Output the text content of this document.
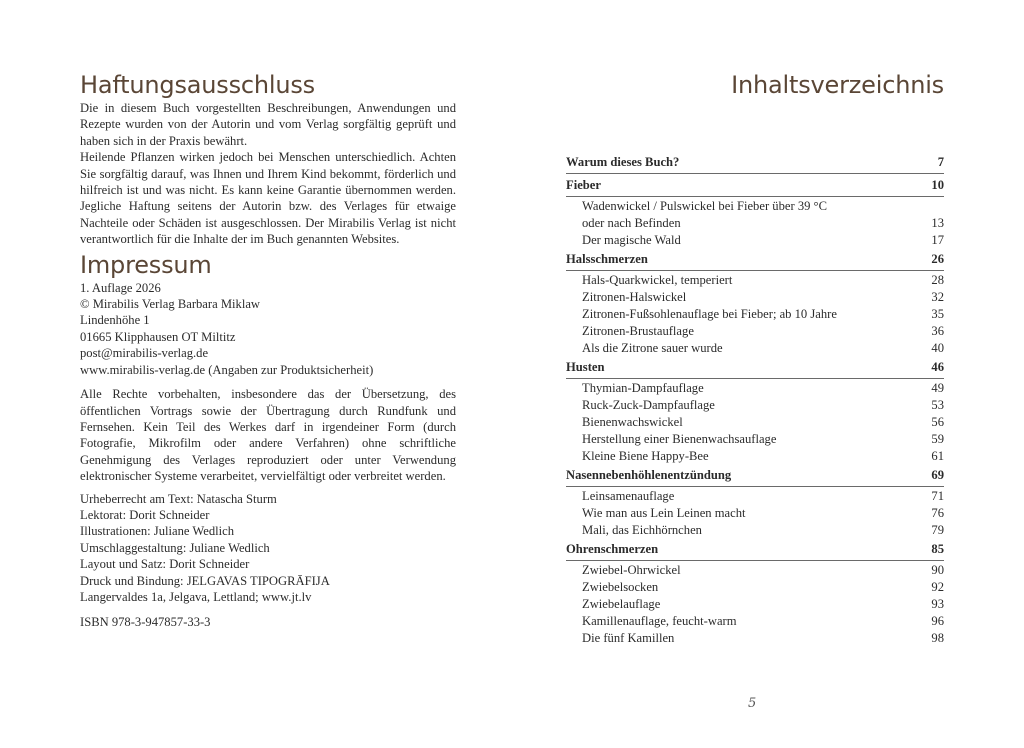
Haftungsausschluss

Die in diesem Buch vorgestellten Beschreibungen, Anwendungen und Rezepte wurden von der Autorin und vom Verlag sorgfältig geprüft und haben sich in der Praxis bewährt.

Heilende Pflanzen wirken jedoch bei Menschen unterschiedlich. Achten Sie sorgfältig darauf, was Ihnen und Ihrem Kind bekommt, förderlich und hilfreich ist und was nicht. Es kann keine Garantie übernommen werden. Jegliche Haftung seitens der Autorin bzw. des Verlages für etwaige Nachteile oder Schäden ist ausgeschlossen. Der Mirabilis Verlag ist nicht verantwortlich für die Inhalte der im Buch genannten Websites.

Impressum
1. Auflage 2026
© Mirabilis Verlag Barbara Miklaw
Lindenhöhe 1
01665 Klipphausen OT Miltitz
post@mirabilis-verlag.de
www.mirabilis-verlag.de (Angaben zur Produktsicherheit)

Alle Rechte vorbehalten, insbesondere das der Übersetzung, des öffentlichen Vortrags sowie der Übertragung durch Rundfunk und Fernsehen. Kein Teil des Werkes darf in irgendeiner Form (durch Fotografie, Mikrofilm oder andere Verfahren) ohne schriftliche Genehmigung des Verlages reproduziert oder unter Verwendung elektronischer Systeme verarbeitet, vervielfältigt oder verbreitet werden.

Urheberrecht am Text: Natascha Sturm
Lektorat: Dorit Schneider
Illustrationen: Juliane Wedlich
Umschlaggestaltung: Juliane Wedlich
Layout und Satz: Dorit Schneider
Druck und Bindung: JELGAVAS TIPOGRĀFIJA
Langervaldes 1a, Jelgava, Lettland; www.jt.lv
ISBN 978-3-947857-33-3
Inhaltsverzeichnis
Warum dieses Buch?	7
Fieber	10
Wadenwickel / Pulswickel bei Fieber über 39 °C
oder nach Befinden	13
Der magische Wald	17
Halsschmerzen	26
Hals-Quarkwickel, temperiert	28
Zitronen-Halswickel	32
Zitronen-Fußsohlenauflage bei Fieber; ab 10 Jahre	35
Zitronen-Brustauflage	36
Als die Zitrone sauer wurde	40
Husten	46
Thymian-Dampfauflage	49
Ruck-Zuck-Dampfauflage	53
Bienenwachswickel	56
Herstellung einer Bienenwachsauflage	59
Kleine Biene Happy-Bee	61
Nasennebenhöhlenentzündung	69
Leinsamenauflage	71
Wie man aus Lein Leinen macht	76
Mali, das Eichhörnchen	79
Ohrenschmerzen	85
Zwiebel-Ohrwickel	90
Zwiebelsocken	92
Zwiebelauflage	93
Kamillenauflage, feucht-warm	96
Die fünf Kamillen	98
5
